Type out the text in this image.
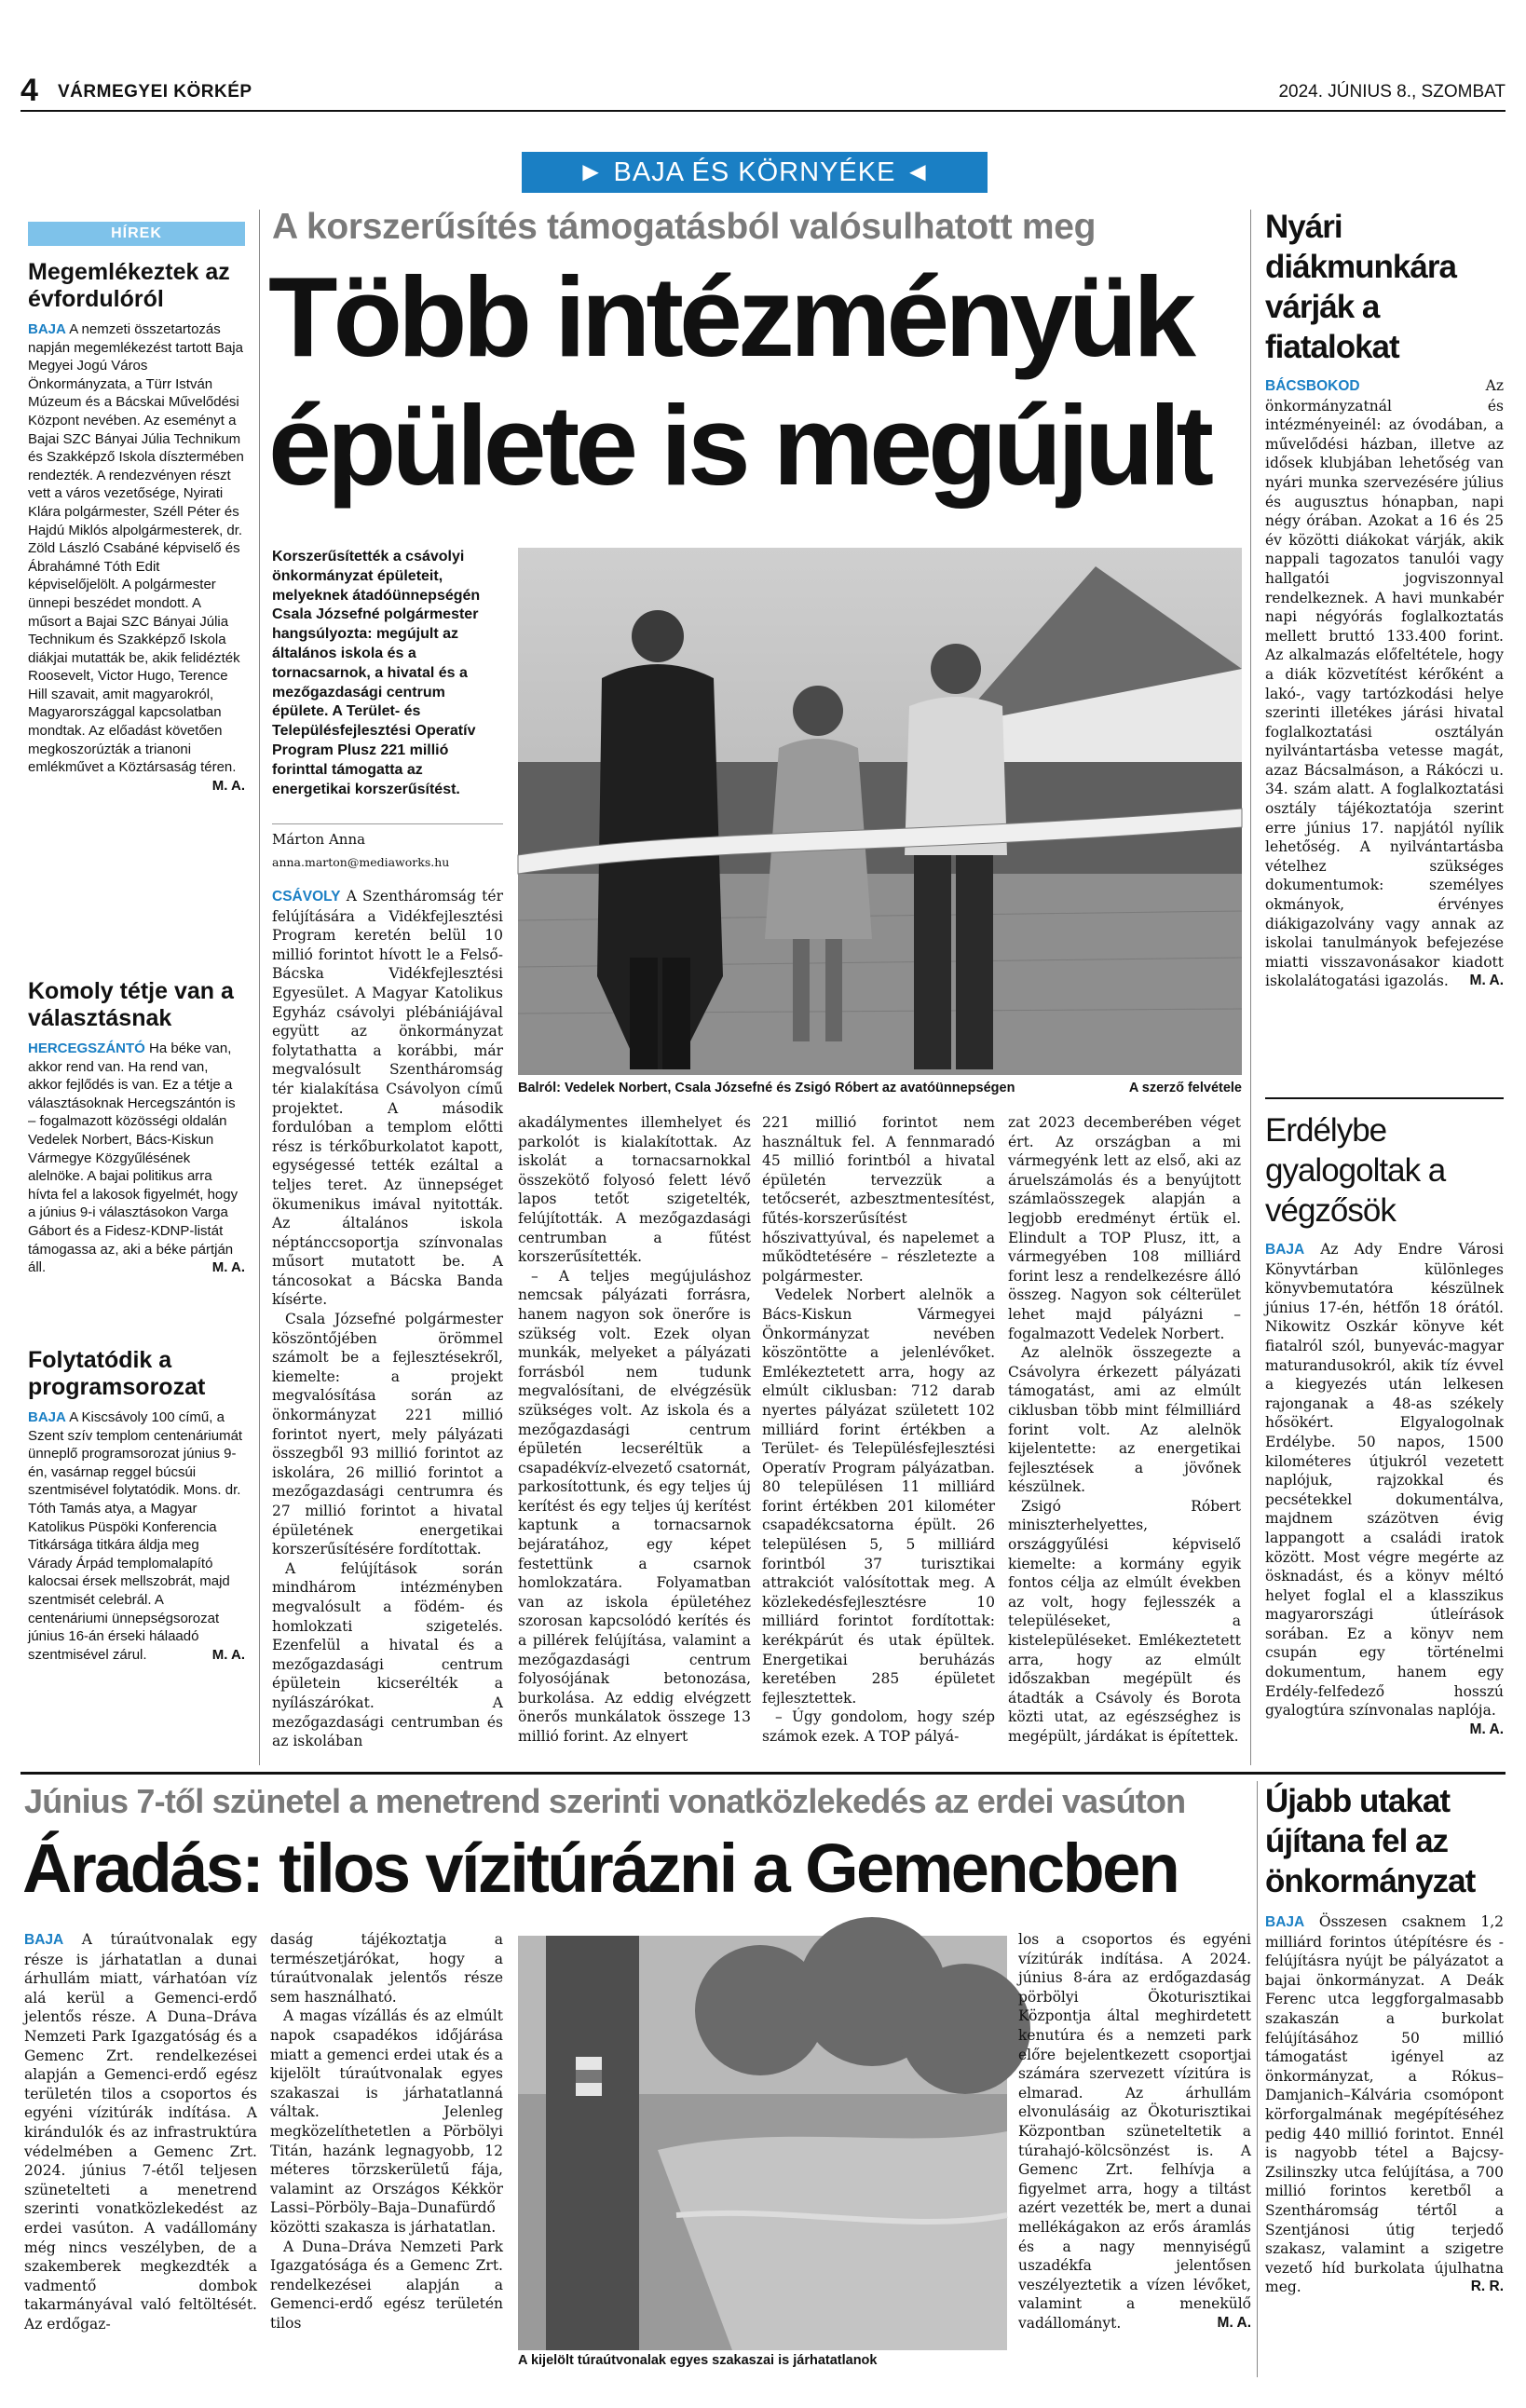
4 VÁRMEGYEI KÖRKÉP	2024. JÚNIUS 8., SZOMBAT
► BAJA ÉS KÖRNYÉKE ◄
HÍREK
Megemlékeztek az évfordulóról

BAJA A nemzeti összetartozás napján megemlékezést tartott Baja Megyei Jogú Város Önkormányzata, a Türr István Múzeum és a Bácskai Művelődési Központ nevében. Az eseményt a Bajai SZC Bányai Júlia Technikum és Szakképző Iskola dísztermében rendezték. A rendezvényen részt vett a város vezetősége, Nyirati Klára polgármester, Széll Péter és Hajdú Miklós alpolgármesterek, dr. Zöld László Csabáné képviselő és Ábrahámné Tóth Edit képviselőjelölt. A polgármester ünnepi beszédet mondott. A műsort a Bajai SZC Bányai Júlia Technikum és Szakképző Iskola diákjai mutatták be, akik felidézték Roosevelt, Victor Hugo, Terence Hill szavait, amit magyarokról, Magyarországgal kapcsolatban mondtak. Az előadást követően megkoszorúzták a trianoni emlékművet a Köztársaság téren.
M. A.

Komoly tétje van a választásnak

HERCEGSZÁNTÓ Ha béke van, akkor rend van. Ha rend van, akkor fejlődés is van. Ez a tétje a választásoknak Hercegszántón is – fogalmazott közösségi oldalán Vedelek Norbert, Bács-Kiskun Vármegye Közgyűlésének alelnöke. A bajai politikus arra hívta fel a lakosok figyelmét, hogy a június 9-i választásokon Varga Gábort és a Fidesz-KDNP-listát támogassa az, aki a béke pártján áll.	M. A.

Folytatódik a programsorozat

BAJA A Kiscsávoly 100 című, a Szent szív templom centenáriumát ünneplő programsorozat június 9-én, vasárnap reggel búcsúi szentmisével folytatódik. Mons. dr. Tóth Tamás atya, a Magyar Katolikus Püspöki Konferencia Titkársága titkára áldja meg Várady Árpád templomalapító kalocsai érsek mellszobrát, majd szentmisét celebrál. A centenáriumi ünnepségsorozat június 16-án érseki hálaadó szentmisével zárul.	M. A.

A korszerűsítés támogatásból valósulhatott meg
Több intézményük
épülete is megújult
Korszerűsítették a csávolyi önkormányzat épületeit, melyeknek átadóünnepségén Csala Józsefné polgármester hangsúlyozta: megújult az általános iskola és a tornacsarnok, a hivatal és a mezőgazdasági centrum épülete. A Terület- és Településfejlesztési Operatív Program Plusz 221 millió forinttal támogatta az energetikai korszerűsítést.
Márton Anna
anna.marton@mediaworks.hu
Balról: Vedelek Norbert, Csala Józsefné és Zsigó Róbert az avatóünnepségen	A szerző felvétele

CSÁVOLY A Szentháromság tér felújítására a Vidékfejlesztési Program keretén belül 10 millió forintot hívott le a Felső-Bácska Vidékfejlesztési Egyesület. A Magyar Katolikus Egyház csávolyi plébániájával együtt az önkormányzat folytathatta a korábbi, már megvalósult Szentháromság tér kialakítása Csávolyon című projektet. A második fordulóban a templom előtti rész is térkőburkolatot kapott, egységessé tették ezáltal a teljes teret. Az ünnepséget ökumenikus imával nyitották. Az általános iskola néptánccsoportja színvonalas műsort mutatott be. A táncosokat a Bácska Banda kísérte.

Csala Józsefné polgármester köszöntőjében örömmel számolt be a fejlesztésekről, kiemelte: a projekt megvalósítása során az önkormányzat 221 millió forintot nyert, mely pályázati összegből 93 millió forintot az iskolára, 26 millió forintot a mezőgazdasági centrumra és 27 millió forintot a hivatal épületének energetikai korszerűsítésére fordítottak.

A felújítások során mindhárom intézményben megvalósult a födém- és homlokzati szigetelés. Ezenfelül a hivatal és a mezőgazdasági centrum épületein kicserélték a nyílászárókat. A mezőgazdasági centrumban és az iskolában

akadálymentes illemhelyet és parkolót is kialakítottak. Az iskolát a tornacsarnokkal összekötő folyosó felett lévő lapos tetőt szigetelték, felújították. A mezőgazdasági centrumban a fűtést korszerűsítették.

– A teljes megújuláshoz nemcsak pályázati forrásra, hanem nagyon sok önerőre is szükség volt. Ezek olyan munkák, melyeket a pályázati forrásból nem tudunk megvalósítani, de elvégzésük szükséges volt. Az iskola és a mezőgazdasági centrum épületén lecseréltük a csapadékvíz-elvezető csatornát, parkosítottunk, és egy teljes új kerítést és egy teljes új kerítést kaptunk a tornacsarnok bejáratához, egy képet festettünk a csarnok homlokzatára. Folyamatban van az iskola épületéhez szorosan kapcsolódó kerítés és a pillérek felújítása, valamint a mezőgazdasági centrum folyosójának betonozása, burkolása. Az eddig elvégzett önerős munkálatok összege 13 millió forint. Az elnyert

221 millió forintot nem használtuk fel. A fennmaradó 45 millió forintból a hivatal épületén tervezzük a tetőcserét, azbesztmentesítést, fűtés-korszerűsítést hőszivattyúval, és napelemet a működtetésére – részletezte a polgármester.

Vedelek Norbert alelnök a Bács-Kiskun Vármegyei Önkormányzat nevében köszöntötte a jelenlévőket. Emlékeztetett arra, hogy az elmúlt ciklusban: 712 darab nyertes pályázat született 102 milliárd forint értékben a Terület- és Településfejlesztési Operatív Program pályázatban. 80 településen 11 milliárd forint értékben 201 kilométer csapadékcsatorna épült. 26 településen 5, 5 milliárd forintból 37 turisztikai attrakciót valósítottak meg. A közlekedésfejlesztésre 10 milliárd forintot fordítottak: kerékpárút és utak épültek. Energetikai beruházás keretében 285 épületet fejlesztettek.

– Úgy gondolom, hogy szép számok ezek. A TOP pályá-

zat 2023 decemberében véget ért. Az országban a mi vármegyénk lett az első, aki az áruelszámolás és a benyújtott számlaösszegek alapján a legjobb eredményt értük el. Elindult a TOP Plusz, itt, a vármegyében 108 milliárd forint lesz a rendelkezésre álló összeg. Nagyon sok célterület lehet majd pályázni – fogalmazott Vedelek Norbert.

Az alelnök összegezte a Csávolyra érkezett pályázati támogatást, ami az elmúlt ciklusban több mint félmilliárd forint volt. Az alelnök kijelentette: az energetikai fejlesztések a jövőnek készülnek.

Zsigó Róbert miniszterhelyettes, országgyűlési képviselő kiemelte: a kormány egyik fontos célja az elmúlt években az volt, hogy fejlesszék a településeket, a kistelepüléseket. Emlékeztetett arra, hogy az elmúlt időszakban megépült és átadták a Csávoly és Borota közti utat, az egészséghez is megépült, járdákat is építettek.

Nyári diákmunkára várják a fiatalokat

BÁCSBOKOD	Az önkormányzatnál és intézményeinél: az óvodában, a művelődési házban, illetve az idősek klubjában lehetőség van nyári munka szervezésére július és augusztus hónapban, napi négy órában. Azokat a 16 és 25 év közötti diákokat várják, akik nappali tagozatos tanulói vagy hallgatói jogviszonnyal rendelkeznek. A havi munkabér napi négyórás foglalkoztatás mellett bruttó 133.400 forint. Az alkalmazás előfeltétele, hogy a diák közvetítést kérőként a lakó-, vagy tartózkodási helye szerinti illetékes járási hivatal foglalkoztatási osztályán nyilvántartásba vetesse magát, azaz Bácsalmáson, a Rákóczi u. 34. szám alatt. A foglalkoztatási osztály tájékoztatója szerint erre június 17. napjától nyílik lehetőség. A nyilvántartásba vételhez szükséges dokumentumok: személyes okmányok, érvényes diákigazolvány vagy annak az iskolai tanulmányok befejezése miatti visszavonásakor kiadott iskolalátogatási igazolás. M. A.

Erdélybe gyalogoltak a végzősök

BAJA Az Ady Endre Városi Könyvtárban különleges könyvbemutatóra készülnek június 17-én, hétfőn 18 órától. Nikowitz Oszkár könyve két fiatalról szól, bunyevác-magyar maturandusokról, akik tíz évvel a kiegyezés után lelkesen rajonganak a 48-as székely hősökért. Elgyalogolnak Erdélybe. 50 napos, 1500 kilométeres útjukról vezetett naplójuk, rajzokkal és pecsétekkel dokumentálva, majdnem százötven évig lappangott a családi iratok között. Most végre megérte az ösknadást, és a könyv méltó helyet foglal el a klasszikus magyarországi útleírások sorában. Ez a könyv nem csupán egy történelmi dokumentum, hanem egy Erdély-felfedező hosszú gyalogtúra színvonalas naplója.
M. A.

Június 7-től szünetel a menetrend szerinti vonatközlekedés az erdei vasúton
Áradás: tilos vízitúrázni a Gemencben

BAJA A túraútvonalak egy része is járhatatlan a dunai árhullám miatt, várhatóan víz alá kerül a Gemenci-erdő jelentős része. A Duna–Dráva Nemzeti Park Igazgatóság és a Gemenc Zrt. rendelkezései alapján a Gemenci-erdő egész területén tilos a csoportos és egyéni vízitúrák indítása. A kirándulók és az infrastruktúra védelmében a Gemenc Zrt. 2024. június 7-étől teljesen szünetelteti a menetrend szerinti vonatközlekedést az erdei vasúton. A vadállomány még nincs veszélyben, de a szakemberek megkezdték a vadmentő dombok takarmányával való feltöltését. Az erdőgaz-

daság tájékoztatja a természetjárókat, hogy a túraútvonalak jelentős része sem használható.

A magas vízállás és az elmúlt napok csapadékos időjárása miatt a gemenci erdei utak és a kijelölt túraútvonalak egyes szakaszai is járhatatlanná váltak. Jelenleg megközelíthetetlen a Pörbölyi Titán, hazánk legnagyobb, 12 méteres törzskerületű fája, valamint az Országos Kékkör Lassi–Pörböly–Baja–Dunafürdő közötti szakasza is járhatatlan.

A Duna–Dráva Nemzeti Park Igazgatósága és a Gemenc Zrt. rendelkezései alapján a Gemenci-erdő egész területén tilos

A kijelölt túraútvonalak egyes szakaszai is járhatatlanok

los a csoportos és egyéni vízitúrák indítása. A 2024. június 8-ára az erdőgazdaság pörbölyi Ökoturisztikai Központja által meghirdetett kenutúra és a nemzeti park előre bejelentkezett csoportjai számára szervezett vízitúra is elmarad. Az árhullám elvonulásáig az Ökoturisztikai Központban szüneteltetik a túrahajó-kölcsönzést is. A Gemenc Zrt. felhívja a figyelmet arra, hogy a tiltást azért vezették be, mert a dunai mellékágakon az erős áramlás és a nagy mennyiségű uszadékfa jelentősen veszélyeztetik a vízen lévőket, valamint a menekülő vadállományt.	M. A.

Újabb utakat újítana fel az önkormányzat

BAJA Összesen csaknem 1,2 milliárd forintos útépítésre és -felújításra nyújt be pályázatot a bajai önkormányzat. A Deák Ferenc utca leggforgalmasabb szakaszán a burkolat felújításához 50 millió támogatást igényel az önkormányzat, a Rókus–Damjanich–Kálvária csomópont körforgalmának megépítéséhez pedig 440 millió forintot. Ennél is nagyobb tétel a Bajcsy-Zsilinszky utca felújítása, a 700 millió forintos keretből a Szentháromság tértől a Szentjánosi útig terjedő szakasz, valamint a szigetre vezető híd burkolata újulhatna meg.	R. R.
